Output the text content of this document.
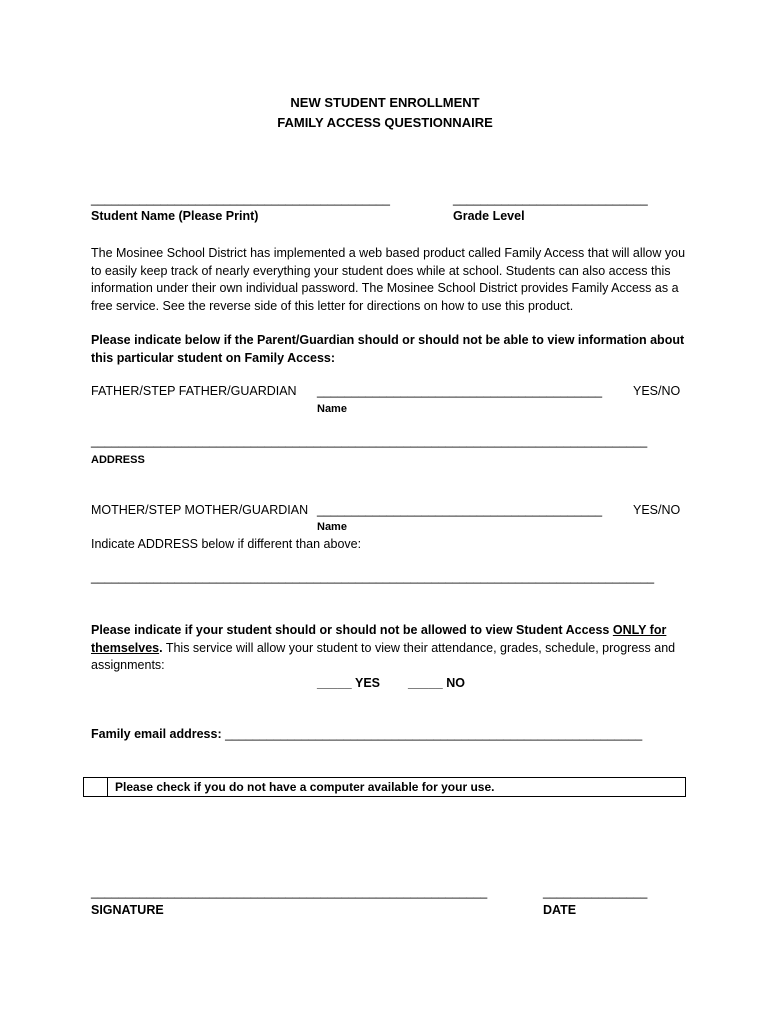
NEW STUDENT ENROLLMENT
FAMILY ACCESS QUESTIONNAIRE
___________________________________________
Student Name (Please Print)
____________________________
Grade Level
The Mosinee School District has implemented a web based product called Family Access that will allow you to easily keep track of nearly everything your student does while at school. Students can also access this information under their own individual password. The Mosinee School District provides Family Access as a free service. See the reverse side of this letter for directions on how to use this product.
Please indicate below if the Parent/Guardian should or should not be able to view information about this particular student on Family Access:
FATHER/STEP FATHER/GUARDIAN _________________________________________ YES/NO
Name
________________________________________________________________________________
ADDRESS
MOTHER/STEP MOTHER/GUARDIAN _________________________________________ YES/NO
Name
Indicate ADDRESS below if different than above:
_________________________________________________________________________________
Please indicate if your student should or should not be allowed to view Student Access ONLY for themselves. This service will allow your student to view their attendance, grades, schedule, progress and assignments:
_____ YES _____ NO
Family email address: ____________________________________________________________
Please check if you do not have a computer available for your use.
_________________________________________________________
SIGNATURE
_______________
DATE
